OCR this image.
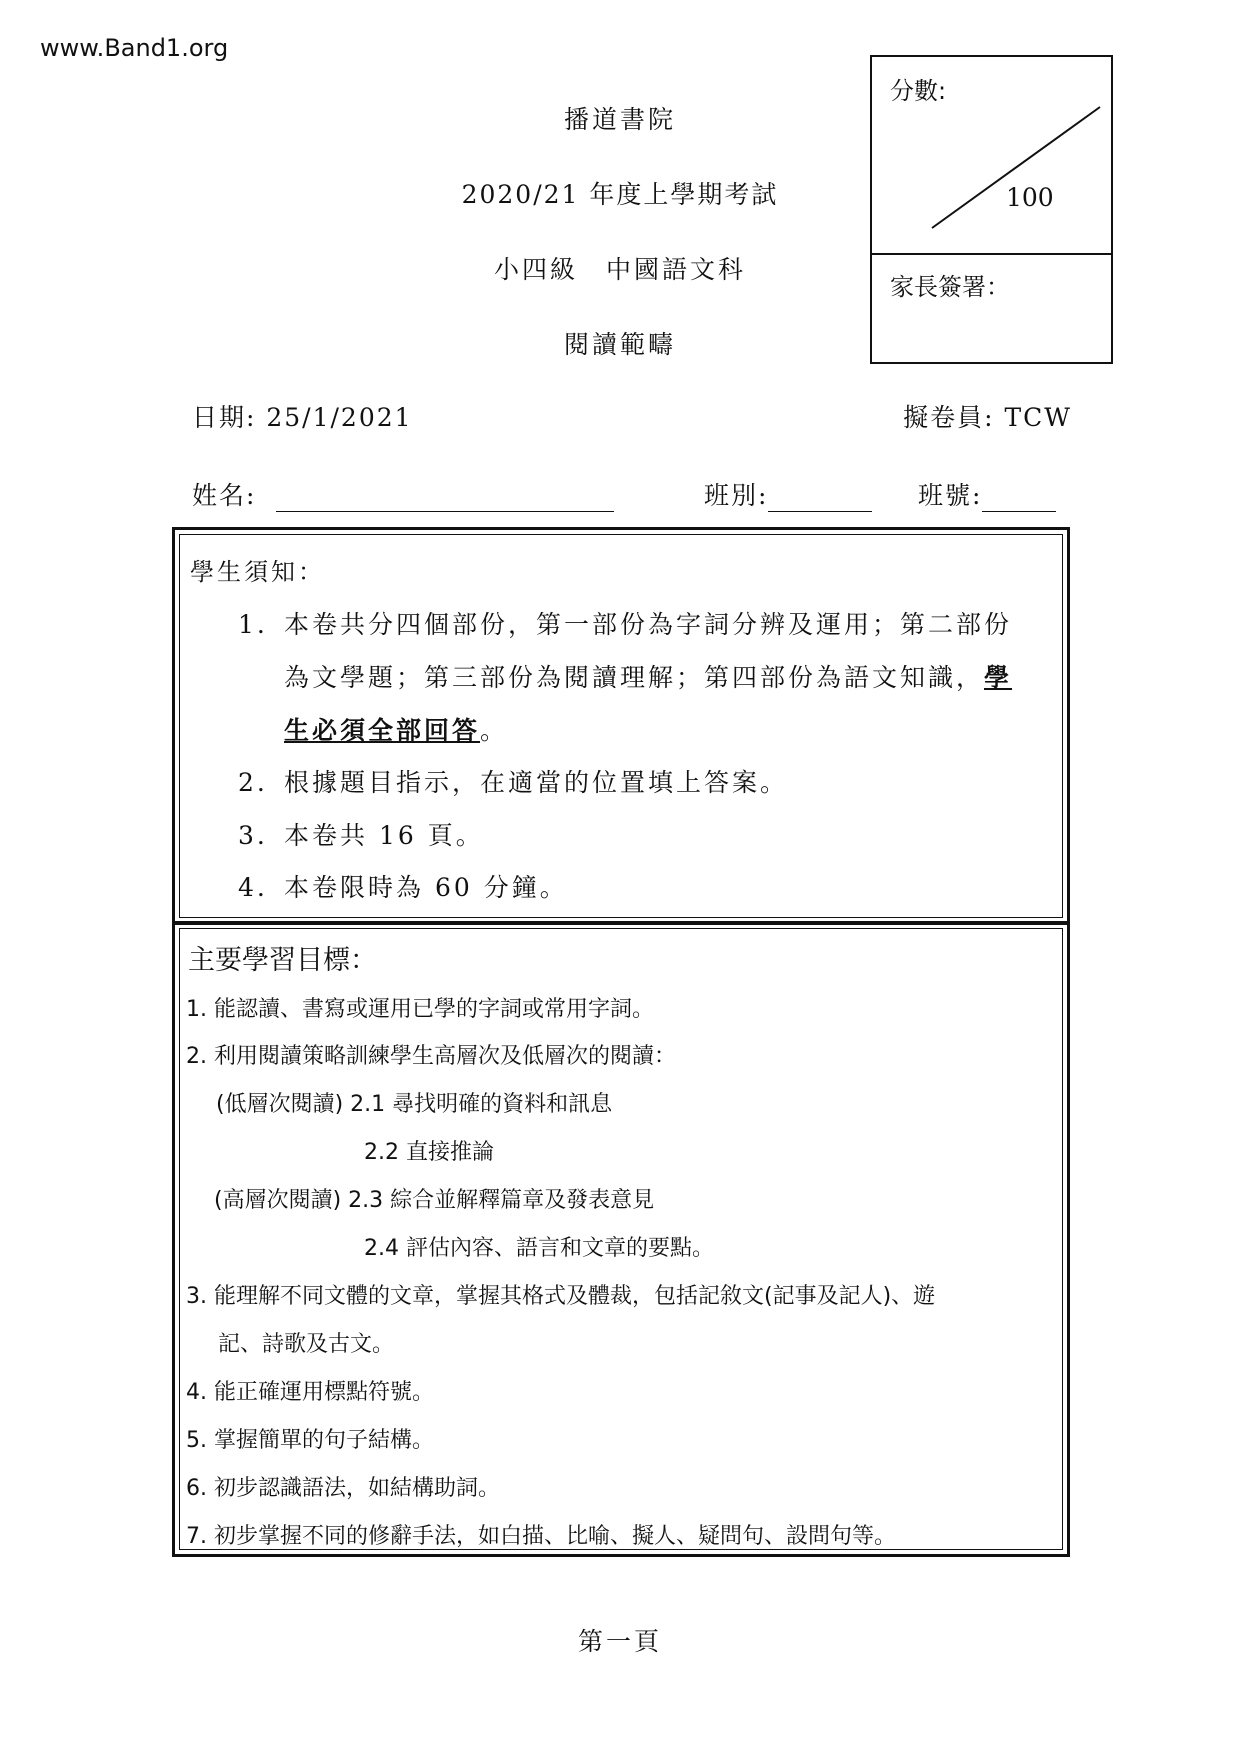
www.Band1.org
播道書院
2020/21 年度上學期考試
小四級　中國語文科
閱讀範疇
分數:
100
家長簽署：
日期: 25/1/2021	擬卷員: TCW
姓名:	班別:	班號:
學生須知：
1. 本卷共分四個部份，第一部份為字詞分辨及運用；第二部份
為文學題；第三部份為閱讀理解；第四部份為語文知識，學
生必須全部回答。
2. 根據題目指示，在適當的位置填上答案。
3. 本卷共 16 頁。
4. 本卷限時為 60 分鐘。
主要學習目標：
1. 能認讀、書寫或運用已學的字詞或常用字詞。
2. 利用閱讀策略訓練學生高層次及低層次的閱讀：
(低層次閱讀) 2.1 尋找明確的資料和訊息
2.2 直接推論
(高層次閱讀) 2.3 綜合並解釋篇章及發表意見
2.4 評估內容、語言和文章的要點。
3. 能理解不同文體的文章，掌握其格式及體裁，包括記敘文(記事及記人)、遊
記、詩歌及古文。
4. 能正確運用標點符號。
5. 掌握簡單的句子結構。
6. 初步認識語法，如結構助詞。
7. 初步掌握不同的修辭手法，如白描、比喻、擬人、疑問句、設問句等。
第一頁
